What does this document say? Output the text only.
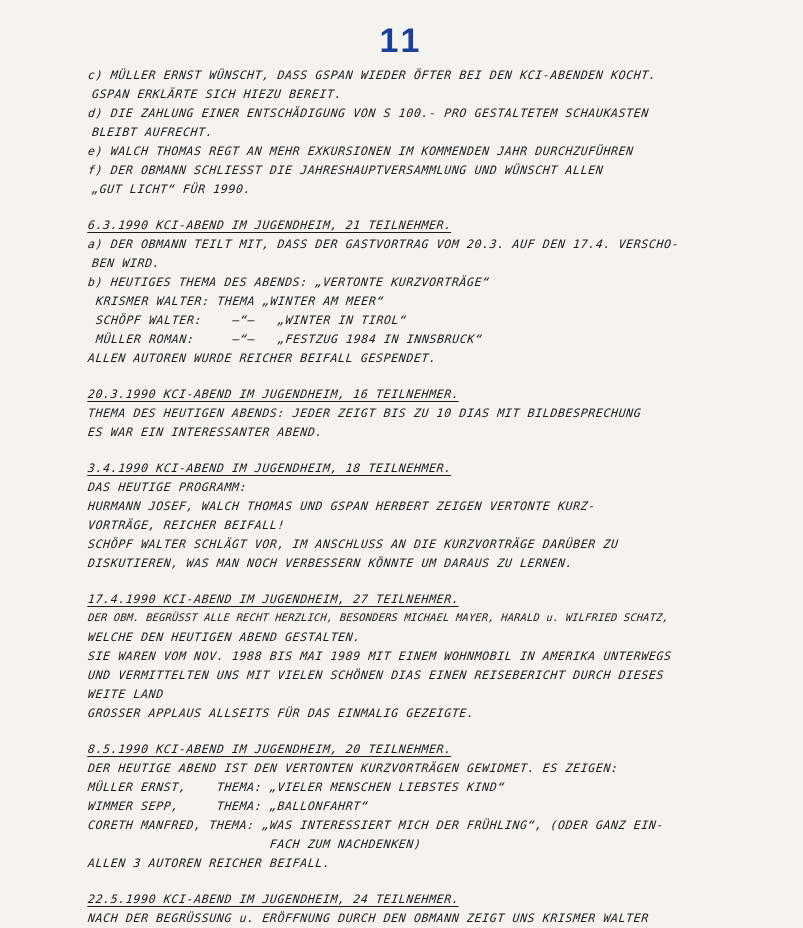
11
c) MÜLLER ERNST WÜNSCHT, DASS GSPAN WIEDER ÖFTER BEI DEN KCI-ABENDEN KOCHT.
GSPAN ERKLÄRTE SICH HIEZU BEREIT.
d) DIE ZAHLUNG EINER ENTSCHÄDIGUNG VON S 100.- PRO GESTALTETEM SCHAUKASTEN
BLEIBT AUFRECHT.
e) WALCH THOMAS REGT AN MEHR EXKURSIONEN IM KOMMENDEN JAHR DURCHZUFÜHREN
f) DER OBMANN SCHLIESST DIE JAHRESHAUPTVERSAMMLUNG UND WÜNSCHT ALLEN
„GUT LICHT“ FÜR 1990.
6.3.1990 KCI-ABEND IM JUGENDHEIM, 21 TEILNEHMER.
a) DER OBMANN TEILT MIT, DASS DER GASTVORTRAG VOM 20.3. AUF DEN 17.4. VERSCHO-
BEN WIRD.
b) HEUTIGES THEMA DES ABENDS: „VERTONTE KURZVORTRÄGE“
KRISMER WALTER: THEMA „WINTER AM MEER“
SCHÖPF WALTER:    —“—   „WINTER IN TIROL“
MÜLLER ROMAN:     —“—   „FESTZUG 1984 IN INNSBRUCK“
ALLEN AUTOREN WURDE REICHER BEIFALL GESPENDET.
20.3.1990 KCI-ABEND IM JUGENDHEIM, 16 TEILNEHMER.
THEMA DES HEUTIGEN ABENDS: JEDER ZEIGT BIS ZU 10 DIAS MIT BILDBESPRECHUNG
ES WAR EIN INTERESSANTER ABEND.
3.4.1990 KCI-ABEND IM JUGENDHEIM, 18 TEILNEHMER.
DAS HEUTIGE PROGRAMM:
HURMANN JOSEF, WALCH THOMAS UND GSPAN HERBERT ZEIGEN VERTONTE KURZ-
VORTRÄGE, REICHER BEIFALL!
SCHÖPF WALTER SCHLÄGT VOR, IM ANSCHLUSS AN DIE KURZVORTRÄGE DARÜBER ZU
DISKUTIEREN, WAS MAN NOCH VERBESSERN KÖNNTE UM DARAUS ZU LERNEN.
17.4.1990 KCI-ABEND IM JUGENDHEIM, 27 TEILNEHMER.
DER OBM. BEGRÜSST ALLE RECHT HERZLICH, BESONDERS MICHAEL MAYER, HARALD u. WILFRIED SCHATZ,
WELCHE DEN HEUTIGEN ABEND GESTALTEN.
SIE WAREN VOM NOV. 1988 BIS MAI 1989 MIT EINEM WOHNMOBIL IN AMERIKA UNTERWEGS
UND VERMITTELTEN UNS MIT VIELEN SCHÖNEN DIAS EINEN REISEBERICHT DURCH DIESES
WEITE LAND
GROSSER APPLAUS ALLSEITS FÜR DAS EINMALIG GEZEIGTE.
8.5.1990 KCI-ABEND IM JUGENDHEIM, 20 TEILNEHMER.
DER HEUTIGE ABEND IST DEN VERTONTEN KURZVORTRÄGEN GEWIDMET. ES ZEIGEN:
MÜLLER ERNST,    THEMA: „VIELER MENSCHEN LIEBSTES KIND“
WIMMER SEPP,     THEMA: „BALLONFAHRT“
CORETH MANFRED, THEMA: „WAS INTERESSIERT MICH DER FRÜHLING“, (ODER GANZ EIN-
FACH ZUM NACHDENKEN)
ALLEN 3 AUTOREN REICHER BEIFALL.
22.5.1990 KCI-ABEND IM JUGENDHEIM, 24 TEILNEHMER.
NACH DER BEGRÜSSUNG u. ERÖFFNUNG DURCH DEN OBMANN ZEIGT UNS KRISMER WALTER
